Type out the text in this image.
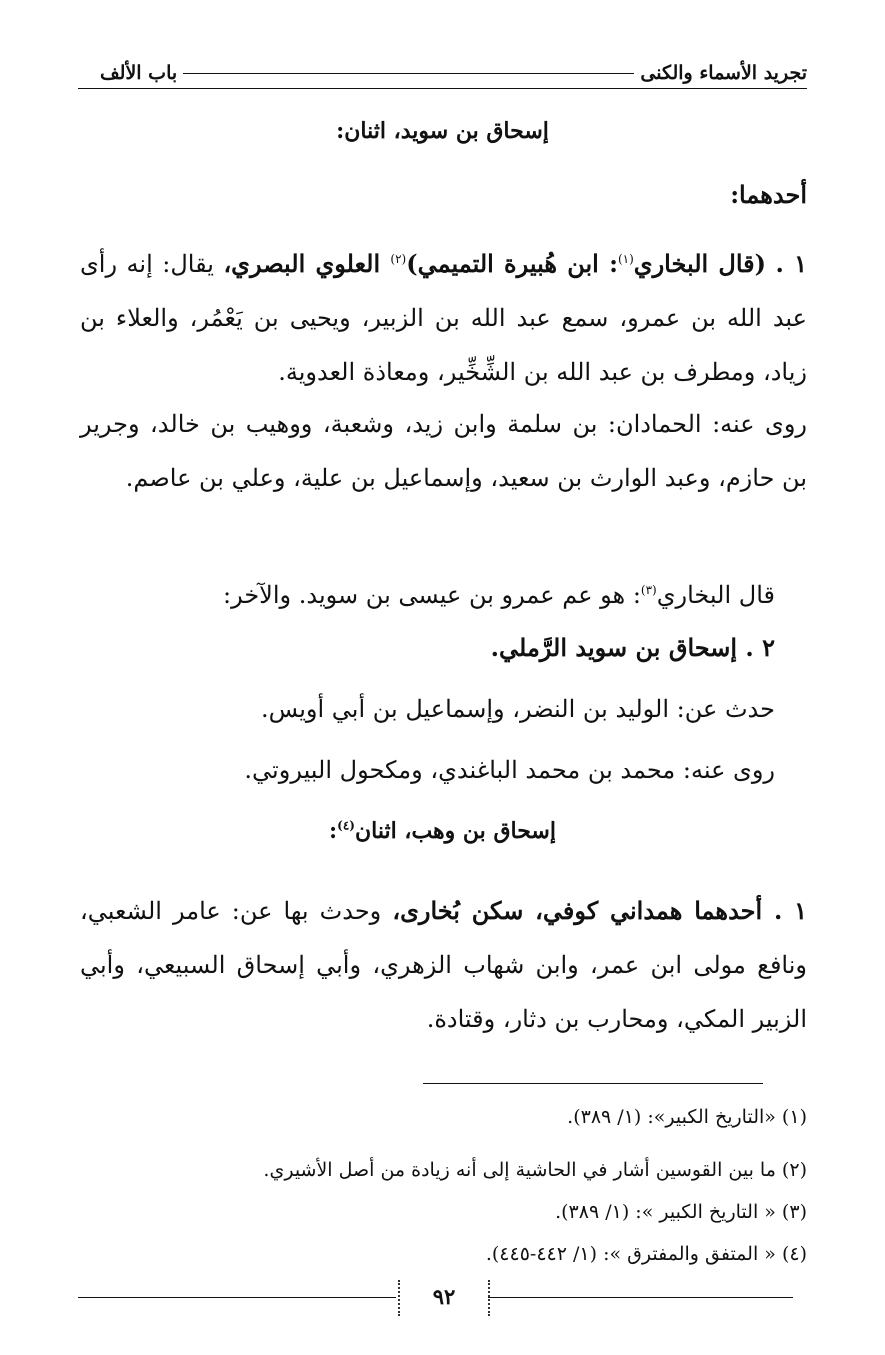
تجريد الأسماء والكنى
باب الألف
إسحاق بن سويد، اثنان:
أحدهما:
١ . (قال البخاري$^{(١)}$: ابن هُبيرة التميمي)$^{(٢)}$ العلوي البصري، يقال: إنه رأى عبد الله بن عمرو، سمع عبد الله بن الزبير، ويحيى بن يَعْمُر، والعلاء بن زياد، ومطرف بن عبد الله بن الشِّخِّير، ومعاذة العدوية.
روى عنه: الحمادان: بن سلمة وابن زيد، وشعبة، ووهيب بن خالد، وجرير بن حازم، وعبد الوارث بن سعيد، وإسماعيل بن علية، وعلي بن عاصم.
قال البخاري$^{(٣)}$: هو عم عمرو بن عيسى بن سويد. والآخر:
٢ . إسحاق بن سويد الرَّملي.
حدث عن: الوليد بن النضر، وإسماعيل بن أبي أويس.
روى عنه: محمد بن محمد الباغندي، ومكحول البيروتي.
إسحاق بن وهب، اثنان$^{(٤)}$:
١ . أحدهما همداني كوفي، سكن بُخارى، وحدث بها عن: عامر الشعبي، ونافع مولى ابن عمر، وابن شهاب الزهري، وأبي إسحاق السبيعي، وأبي الزبير المكي، ومحارب بن دثار، وقتادة.
(١) «التاريخ الكبير»: (١/ ٣٨٩).
(٢) ما بين القوسين أشار في الحاشية إلى أنه زيادة من أصل الأشيري.
(٣) « التاريخ الكبير »: (١/ ٣٨٩).
(٤) « المتفق والمفترق »: (١/ ٤٤٢-٤٤٥).
٩٢
